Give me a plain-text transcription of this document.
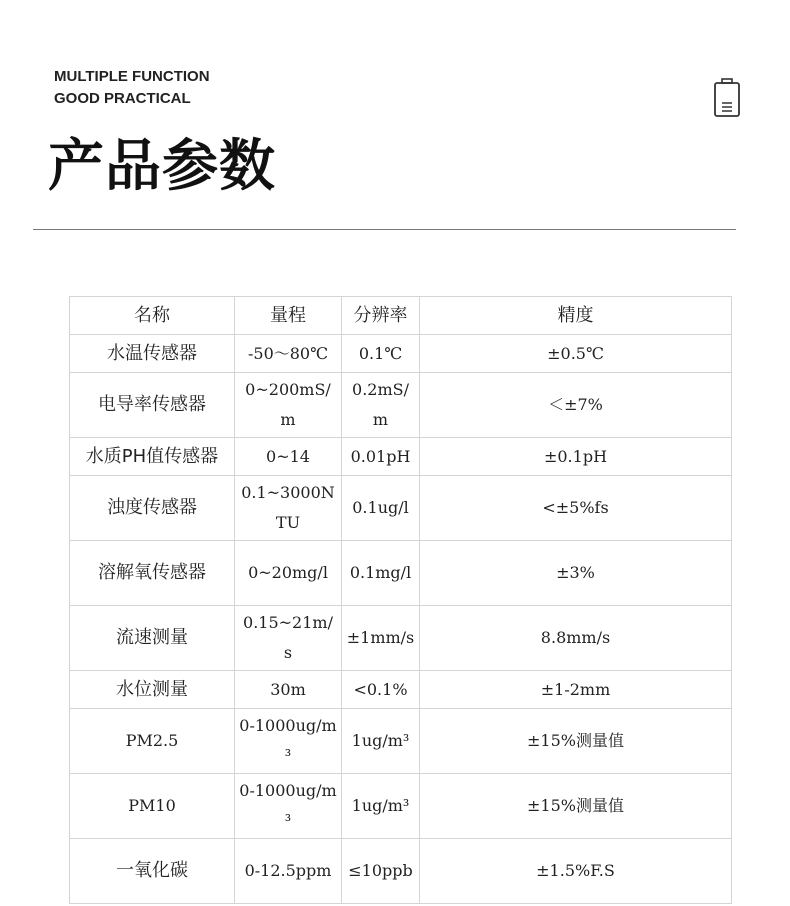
MULTIPLE FUNCTION
GOOD PRACTICAL
产品参数
名称	量程	分辨率	精度
水温传感器	-50～80℃	0.1℃	±0.5℃
电导率传感器	0~200mS/m	0.2mS/m	＜±7%
水质PH值传感器	0~14	0.01pH	±0.1pH
浊度传感器	0.1~3000NTU	0.1ug/l	<±5%fs
溶解氧传感器	0~20mg/l	0.1mg/l	±3%
流速测量	0.15~21m/s	±1mm/s	8.8mm/s
水位测量	30m	<0.1%	±1-2mm
PM2.5	0-1000ug/m³	1ug/m³	±15%测量值
PM10	0-1000ug/m³	1ug/m³	±15%测量值
一氧化碳	0-12.5ppm	≤10ppb	±1.5%F.S
